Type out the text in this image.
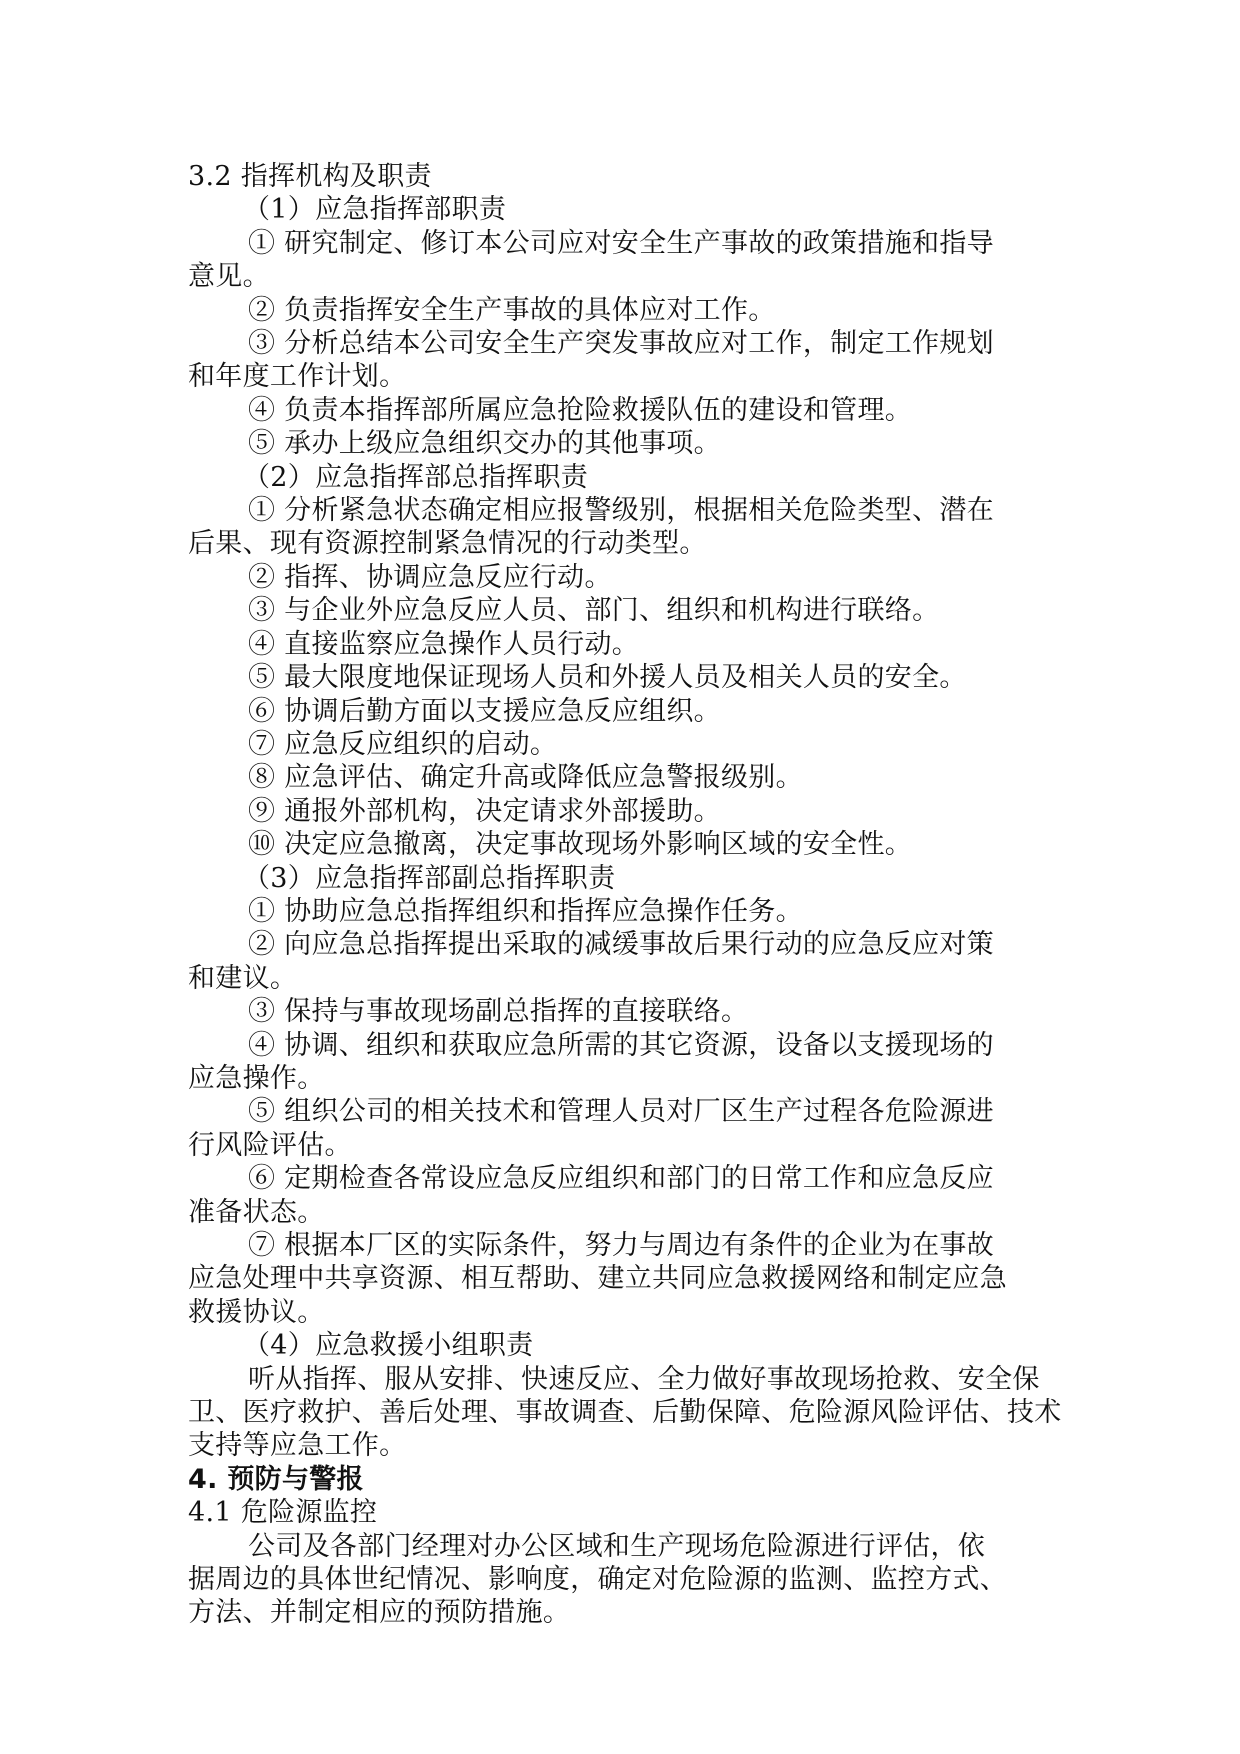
3.2 指挥机构及职责
（1）应急指挥部职责
① 研究制定、修订本公司应对安全生产事故的政策措施和指导
意见。
② 负责指挥安全生产事故的具体应对工作。
③ 分析总结本公司安全生产突发事故应对工作，制定工作规划
和年度工作计划。
④ 负责本指挥部所属应急抢险救援队伍的建设和管理。
⑤ 承办上级应急组织交办的其他事项。
（2）应急指挥部总指挥职责
① 分析紧急状态确定相应报警级别，根据相关危险类型、潜在
后果、现有资源控制紧急情况的行动类型。
② 指挥、协调应急反应行动。
③ 与企业外应急反应人员、部门、组织和机构进行联络。
④ 直接监察应急操作人员行动。
⑤ 最大限度地保证现场人员和外援人员及相关人员的安全。
⑥ 协调后勤方面以支援应急反应组织。
⑦ 应急反应组织的启动。
⑧ 应急评估、确定升高或降低应急警报级别。
⑨ 通报外部机构，决定请求外部援助。
⑩ 决定应急撤离，决定事故现场外影响区域的安全性。
（3）应急指挥部副总指挥职责
① 协助应急总指挥组织和指挥应急操作任务。
② 向应急总指挥提出采取的减缓事故后果行动的应急反应对策
和建议。
③ 保持与事故现场副总指挥的直接联络。
④ 协调、组织和获取应急所需的其它资源，设备以支援现场的
应急操作。
⑤ 组织公司的相关技术和管理人员对厂区生产过程各危险源进
行风险评估。
⑥ 定期检查各常设应急反应组织和部门的日常工作和应急反应
准备状态。
⑦ 根据本厂区的实际条件，努力与周边有条件的企业为在事故
应急处理中共享资源、相互帮助、建立共同应急救援网络和制定应急
救援协议。
（4）应急救援小组职责
听从指挥、服从安排、快速反应、全力做好事故现场抢救、安全保
卫、医疗救护、善后处理、事故调查、后勤保障、危险源风险评估、技术
支持等应急工作。
4. 预防与警报
4.1 危险源监控
公司及各部门经理对办公区域和生产现场危险源进行评估，依
据周边的具体世纪情况、影响度，确定对危险源的监测、监控方式、
方法、并制定相应的预防措施。
